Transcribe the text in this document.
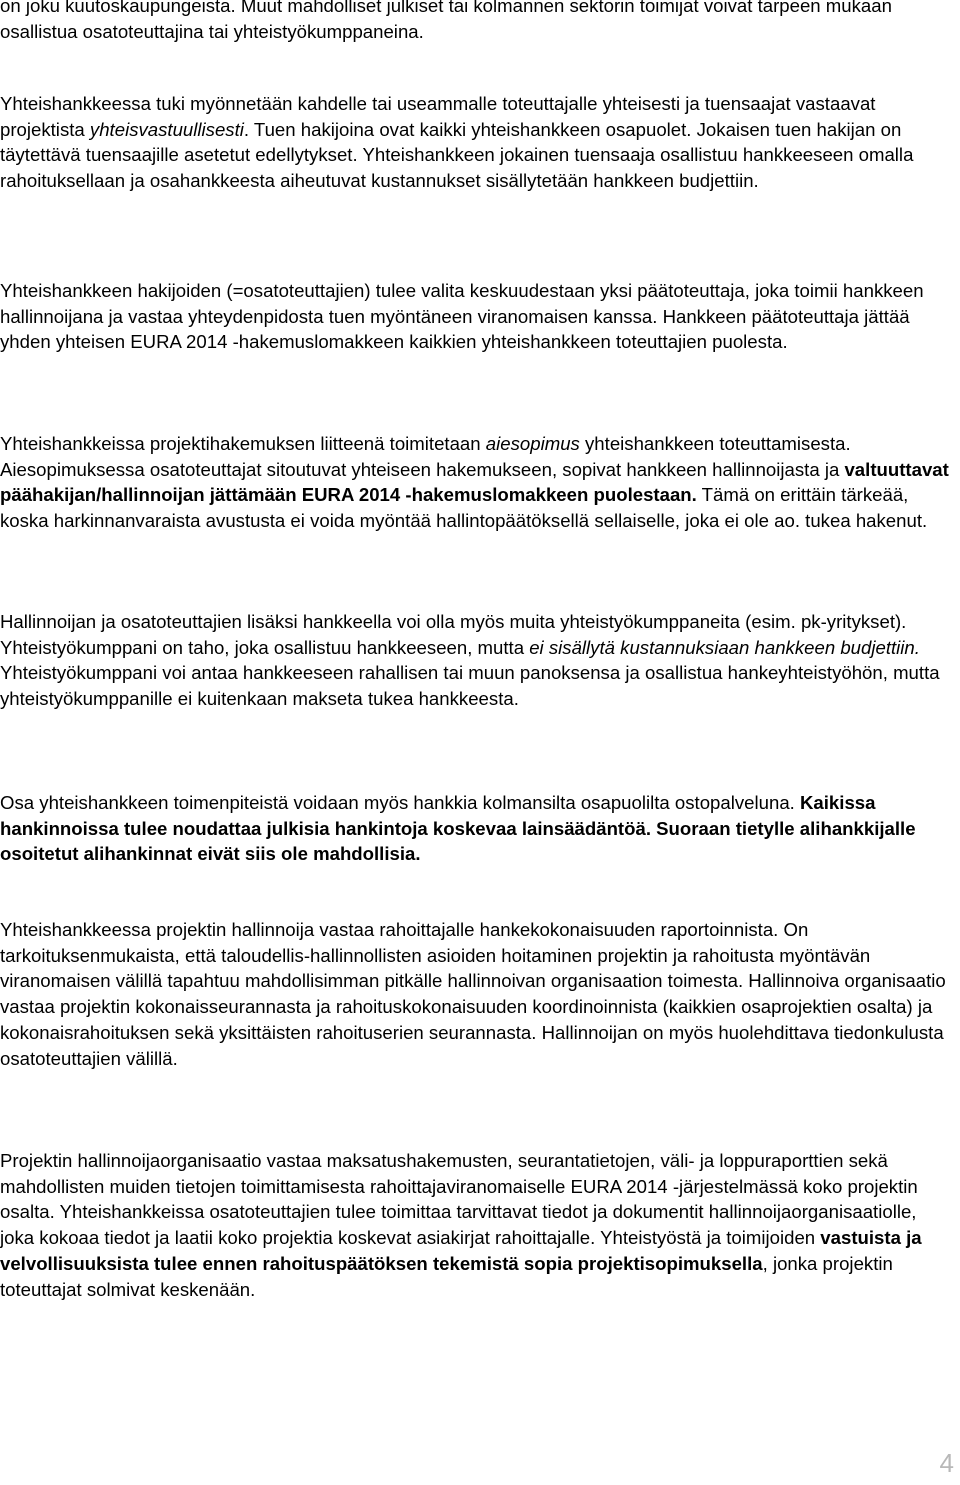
on joku kuutoskaupungeista. Muut mahdolliset julkiset tai kolmannen sektorin toimijat voivat tarpeen mukaan osallistua osatoteuttajina tai yhteistyökumppaneina.

Yhteishankkeessa tuki myönnetään kahdelle tai useammalle toteuttajalle yhteisesti ja tuensaajat vastaavat projektista yhteisvastuullisesti. Tuen hakijoina ovat kaikki yhteishankkeen osapuolet. Jokaisen tuen hakijan on täytettävä tuensaajille asetetut edellytykset. Yhteishankkeen jokainen tuensaaja osallistuu hankkeeseen omalla rahoituksellaan ja osahankkeesta aiheutuvat kustannukset sisällytetään hankkeen budjettiin.

Yhteishankkeen hakijoiden (=osatoteuttajien) tulee valita keskuudestaan yksi päätoteuttaja, joka toimii hankkeen hallinnoijana ja vastaa yhteydenpidosta tuen myöntäneen viranomaisen kanssa. Hankkeen päätoteuttaja jättää yhden yhteisen EURA 2014 -hakemuslomakkeen kaikkien yhteishankkeen toteuttajien puolesta.

Yhteishankkeissa projektihakemuksen liitteenä toimitetaan aiesopimus yhteishankkeen toteuttamisesta. Aiesopimuksessa osatoteuttajat sitoutuvat yhteiseen hakemukseen, sopivat hankkeen hallinnoijasta ja valtuuttavat päähakijan/hallinnoijan jättämään EURA 2014 -hakemuslomakkeen puolestaan. Tämä on erittäin tärkeää, koska harkinnanvaraista avustusta ei voida myöntää hallintopäätöksellä sellaiselle, joka ei ole ao. tukea hakenut.

Hallinnoijan ja osatoteuttajien lisäksi hankkeella voi olla myös muita yhteistyökumppaneita (esim. pk-yritykset). Yhteistyökumppani on taho, joka osallistuu hankkeeseen, mutta ei sisällytä kustannuksiaan hankkeen budjettiin. Yhteistyökumppani voi antaa hankkeeseen rahallisen tai muun panoksensa ja osallistua hankeyhteistyöhön, mutta yhteistyökumppanille ei kuitenkaan makseta tukea hankkeesta.

Osa yhteishankkeen toimenpiteistä voidaan myös hankkia kolmansilta osapuolilta ostopalveluna. Kaikissa hankinnoissa tulee noudattaa julkisia hankintoja koskevaa lainsäädäntöä. Suoraan tietylle alihankkijalle osoitetut alihankinnat eivät siis ole mahdollisia.

Yhteishankkeessa projektin hallinnoija vastaa rahoittajalle hankekokonaisuuden raportoinnista. On tarkoituksenmukaista, että taloudellis-hallinnollisten asioiden hoitaminen projektin ja rahoitusta myöntävän viranomaisen välillä tapahtuu mahdollisimman pitkälle hallinnoivan organisaation toimesta. Hallinnoiva organisaatio vastaa projektin kokonaisseurannasta ja rahoituskokonaisuuden koordinoinnista (kaikkien osaprojektien osalta) ja kokonaisrahoituksen sekä yksittäisten rahoituserien seurannasta. Hallinnoijan on myös huolehdittava tiedonkulusta osatoteuttajien välillä.

Projektin hallinnoijaorganisaatio vastaa maksatushakemusten, seurantatietojen, väli- ja loppuraporttien sekä mahdollisten muiden tietojen toimittamisesta rahoittajaviranomaiselle EURA 2014 -järjestelmässä koko projektin osalta. Yhteishankkeissa osatoteuttajien tulee toimittaa tarvittavat tiedot ja dokumentit hallinnoijaorganisaatiolle, joka kokoaa tiedot ja laatii koko projektia koskevat asiakirjat rahoittajalle. Yhteistyöstä ja toimijoiden vastuista ja velvollisuuksista tulee ennen rahoituspäätöksen tekemistä sopia projektisopimuksella, jonka projektin toteuttajat solmivat keskenään.

4
